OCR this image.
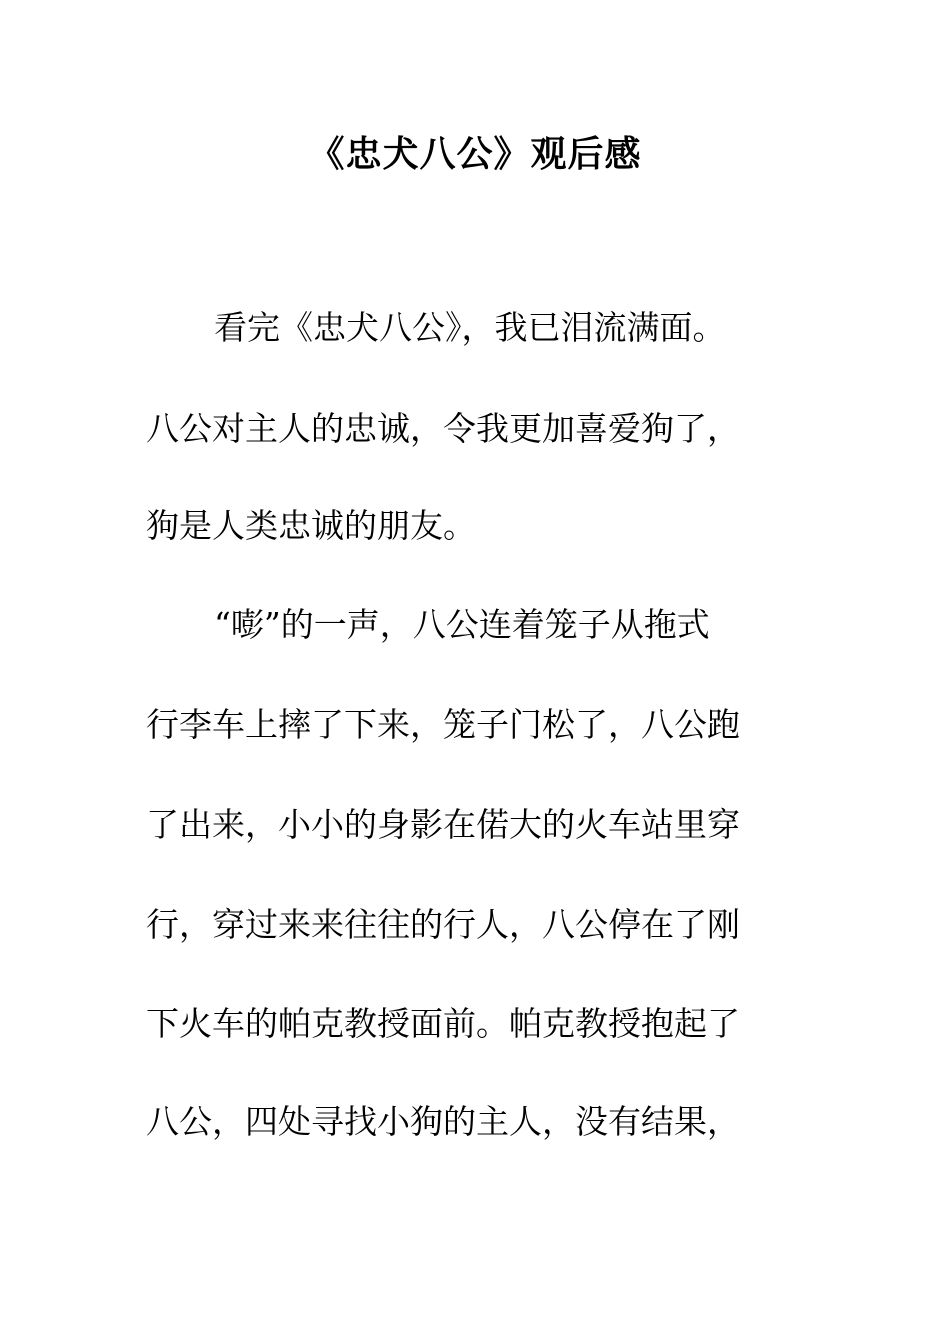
《忠犬八公》观后感
看完《忠犬八公》，我已泪流满面。
八公对主人的忠诚，令我更加喜爱狗了，
狗是人类忠诚的朋友。
“嘭”的一声，八公连着笼子从拖式
行李车上摔了下来，笼子门松了，八公跑
了出来，小小的身影在偌大的火车站里穿
行，穿过来来往往的行人，八公停在了刚
下火车的帕克教授面前。帕克教授抱起了
八公，四处寻找小狗的主人，没有结果，
